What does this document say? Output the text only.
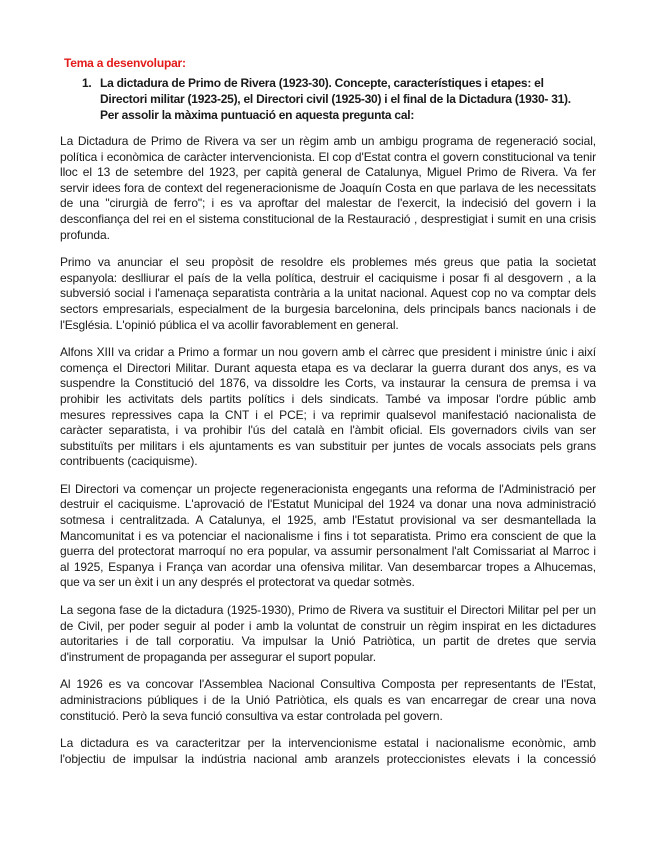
Tema a desenvolupar:
1. La dictadura de Primo de Rivera (1923-30). Concepte, característiques i etapes: el
Directori militar (1923-25), el Directori civil (1925-30) i el final de la Dictadura (1930- 31).
Per assolir la màxima puntuació en aquesta pregunta cal:

La Dictadura de Primo de Rivera va ser un règim amb un ambigu programa de regeneració social,
política i econòmica de caràcter intervencionista. El cop d'Estat contra el govern constitucional va tenir
lloc el 13 de setembre del 1923, per capità general de Catalunya, Miguel Primo de Rivera. Va fer
servir idees fora de context del regeneracionisme de Joaquín Costa en que parlava de les necessitats
de una "cirurgià de ferro"; i es va aproftar del malestar de l'exercit, la indecisió del govern i la
desconfiança del rei en el sistema constitucional de la Restauració , desprestigiat i sumit en una crisis
profunda.

Primo va anunciar el seu propòsit de resoldre els problemes més greus que patia la societat
espanyola: deslliurar el país de la vella política, destruir el caciquisme i posar fi al desgovern , a la
subversió social i l'amenaça separatista contrària a la unitat nacional. Aquest cop no va comptar dels
sectors empresarials, especialment de la burgesia barcelonina, dels principals bancs nacionals i de
l'Església. L'opinió pública el va acollir favorablement en general.

Alfons XIII va cridar a Primo a formar un nou govern amb el càrrec que president i ministre únic i així
comença el Directori Militar. Durant aquesta etapa es va declarar la guerra durant dos anys, es va
suspendre la Constitució del 1876, va dissoldre les Corts, va instaurar la censura de premsa i va
prohibir les activitats dels partits polítics i dels sindicats. També va imposar l'ordre públic amb
mesures repressives capa la CNT i el PCE; i va reprimir qualsevol manifestació nacionalista de
caràcter separatista, i va prohibir l'ús del català en l'àmbit oficial. Els governadors civils van ser
substituïts per militars i els ajuntaments es van substituir per juntes de vocals associats pels grans
contribuents (caciquisme).

El Directori va començar un projecte regeneracionista engegants una reforma de l'Administració per
destruir el caciquisme. L'aprovació de l'Estatut Municipal del 1924 va donar una nova administració
sotmesa i centralitzada. A Catalunya, el 1925, amb l'Estatut provisional va ser desmantellada la
Mancomunitat i es va potenciar el nacionalisme i fins i tot separatista. Primo era conscient de que la
guerra del protectorat marroquí no era popular, va assumir personalment l'alt Comissariat al Marroc i
al 1925, Espanya i França van acordar una ofensiva militar. Van desembarcar tropes a Alhucemas,
que va ser un èxit i un any després el protectorat va quedar sotmès.

La segona fase de la dictadura (1925-1930), Primo de Rivera va sustituir el Directori Militar pel per un
de Civil, per poder seguir al poder i amb la voluntat de construir un règim inspirat en les dictadures
autoritaries i de tall corporatiu. Va impulsar la Unió Patriòtica, un partit de dretes que servia
d'instrument de propaganda per assegurar el suport popular.

Al 1926 es va concovar l'Assemblea Nacional Consultiva Composta per representants de l'Estat,
administracions públiques i de la Unió Patriòtica, els quals es van encarregar de crear una nova
constitució. Però la seva funció consultiva va estar controlada pel govern.

La dictadura es va caracteritzar per la intervencionisme estatal i nacionalisme econòmic, amb
l'objectiu de impulsar la indústria nacional amb aranzels proteccionistes elevats i la concessió
